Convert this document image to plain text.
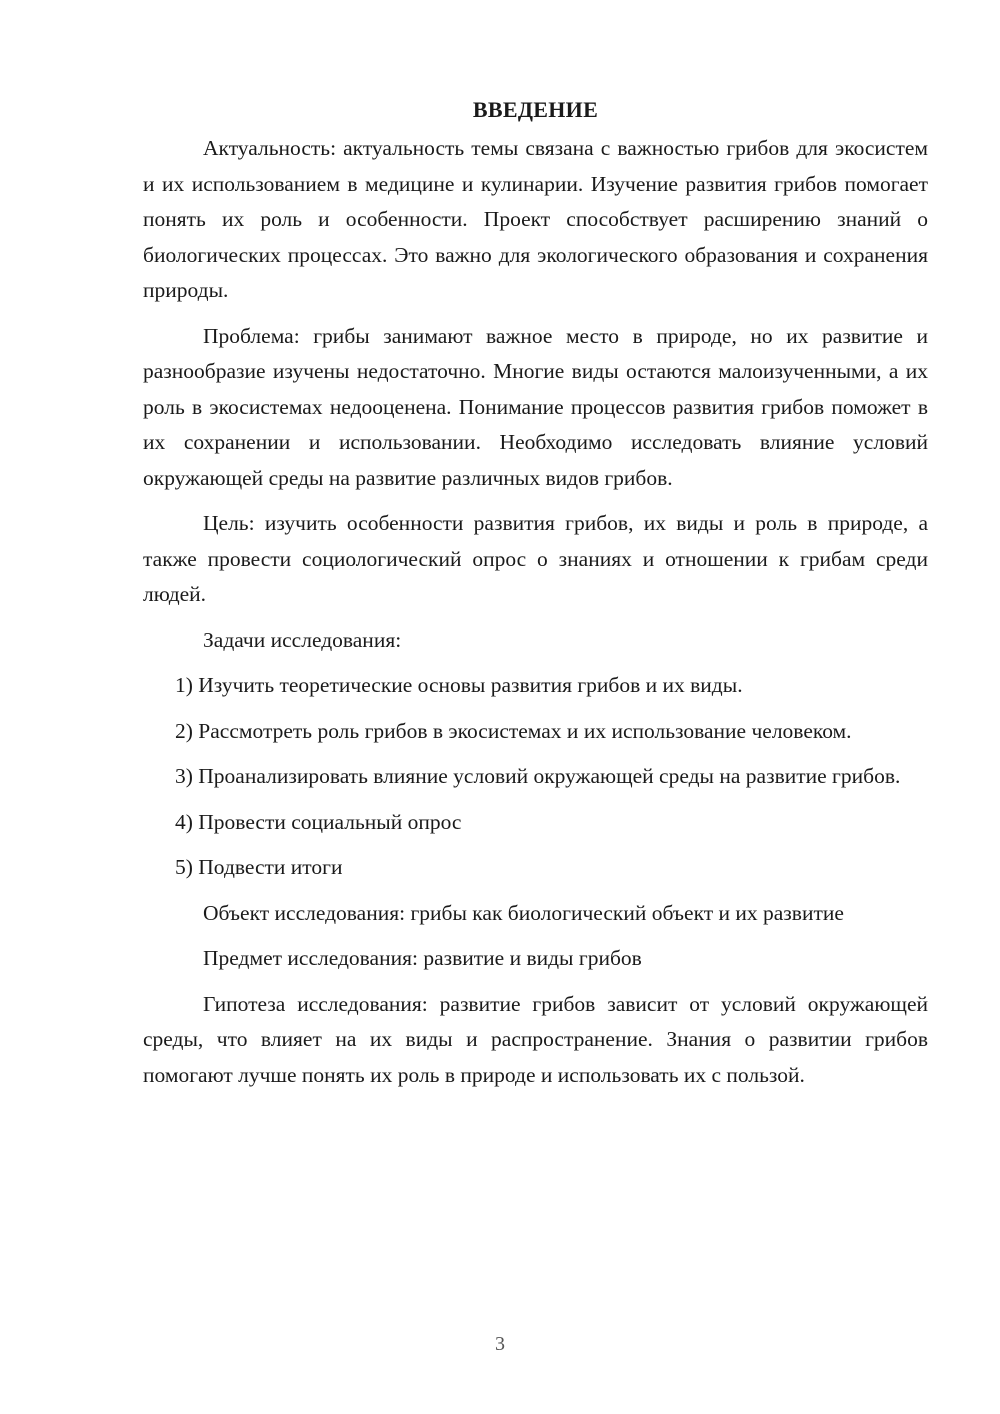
ВВЕДЕНИЕ

Актуальность: актуальность темы связана с важностью грибов для экосистем и их использованием в медицине и кулинарии. Изучение развития грибов помогает понять их роль и особенности. Проект способствует расширению знаний о биологических процессах. Это важно для экологического образования и сохранения природы.

Проблема: грибы занимают важное место в природе, но их развитие и разнообразие изучены недостаточно. Многие виды остаются малоизученными, а их роль в экосистемах недооценена. Понимание процессов развития грибов поможет в их сохранении и использовании. Необходимо исследовать влияние условий окружающей среды на развитие различных видов грибов.

Цель: изучить особенности развития грибов, их виды и роль в природе, а также провести социологический опрос о знаниях и отношении к грибам среди людей.

Задачи исследования:

1) Изучить теоретические основы развития грибов и их виды.

2) Рассмотреть роль грибов в экосистемах и их использование человеком.

3) Проанализировать влияние условий окружающей среды на развитие грибов.

4) Провести социальный опрос

5) Подвести итоги

Объект исследования: грибы как биологический объект и их развитие

Предмет исследования: развитие и виды грибов

Гипотеза исследования: развитие грибов зависит от условий окружающей среды, что влияет на их виды и распространение. Знания о развитии грибов помогают лучше понять их роль в природе и использовать их с пользой.

3
